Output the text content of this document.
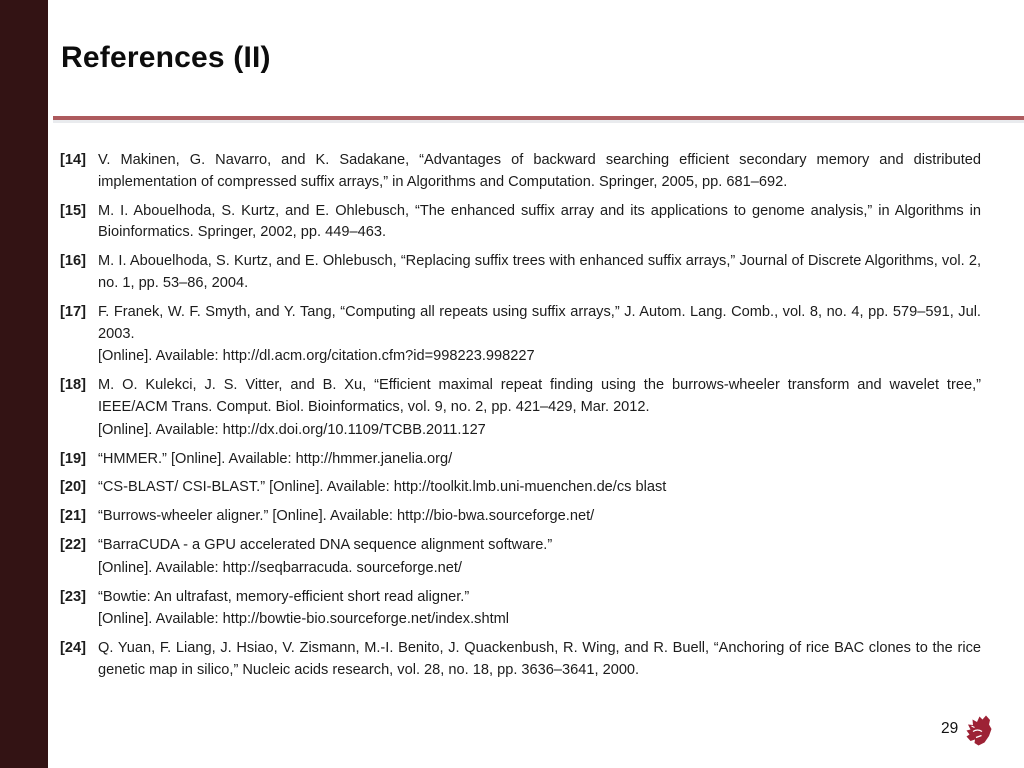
References (II)
[14] V. Makinen, G. Navarro, and K. Sadakane, “Advantages of backward searching efficient secondary memory and distributed implementation of compressed suffix arrays,” in Algorithms and Computation. Springer, 2005, pp. 681–692.
[15] M. I. Abouelhoda, S. Kurtz, and E. Ohlebusch, “The enhanced suffix array and its applications to genome analysis,” in Algorithms in Bioinformatics. Springer, 2002, pp. 449–463.
[16] M. I. Abouelhoda, S. Kurtz, and E. Ohlebusch, “Replacing suffix trees with enhanced suffix arrays,” Journal of Discrete Algorithms, vol. 2, no. 1, pp. 53–86, 2004.
[17] F. Franek, W. F. Smyth, and Y. Tang, “Computing all repeats using suffix arrays,” J. Autom. Lang. Comb., vol. 8, no. 4, pp. 579–591, Jul. 2003.
[Online]. Available: http://dl.acm.org/citation.cfm?id=998223.998227
[18] M. O. Kulekci, J. S. Vitter, and B. Xu, “Efficient maximal repeat finding using the burrows-wheeler transform and wavelet tree,” IEEE/ACM Trans. Comput. Biol. Bioinformatics, vol. 9, no. 2, pp. 421–429, Mar. 2012.
[Online]. Available: http://dx.doi.org/10.1109/TCBB.2011.127
[19] “HMMER.” [Online]. Available: http://hmmer.janelia.org/
[20] “CS-BLAST/ CSI-BLAST.” [Online]. Available: http://toolkit.lmb.uni-muenchen.de/cs blast
[21] “Burrows-wheeler aligner.” [Online]. Available: http://bio-bwa.sourceforge.net/
[22] “BarraCUDA - a GPU accelerated DNA sequence alignment software.”
[Online]. Available: http://seqbarracuda. sourceforge.net/
[23] “Bowtie: An ultrafast, memory-efficient short read aligner.”
[Online]. Available: http://bowtie-bio.sourceforge.net/index.shtml
[24] Q. Yuan, F. Liang, J. Hsiao, V. Zismann, M.-I. Benito, J. Quackenbush, R. Wing, and R. Buell, “Anchoring of rice BAC clones to the rice genetic map in silico,” Nucleic acids research, vol. 28, no. 18, pp. 3636–3641, 2000.
29
